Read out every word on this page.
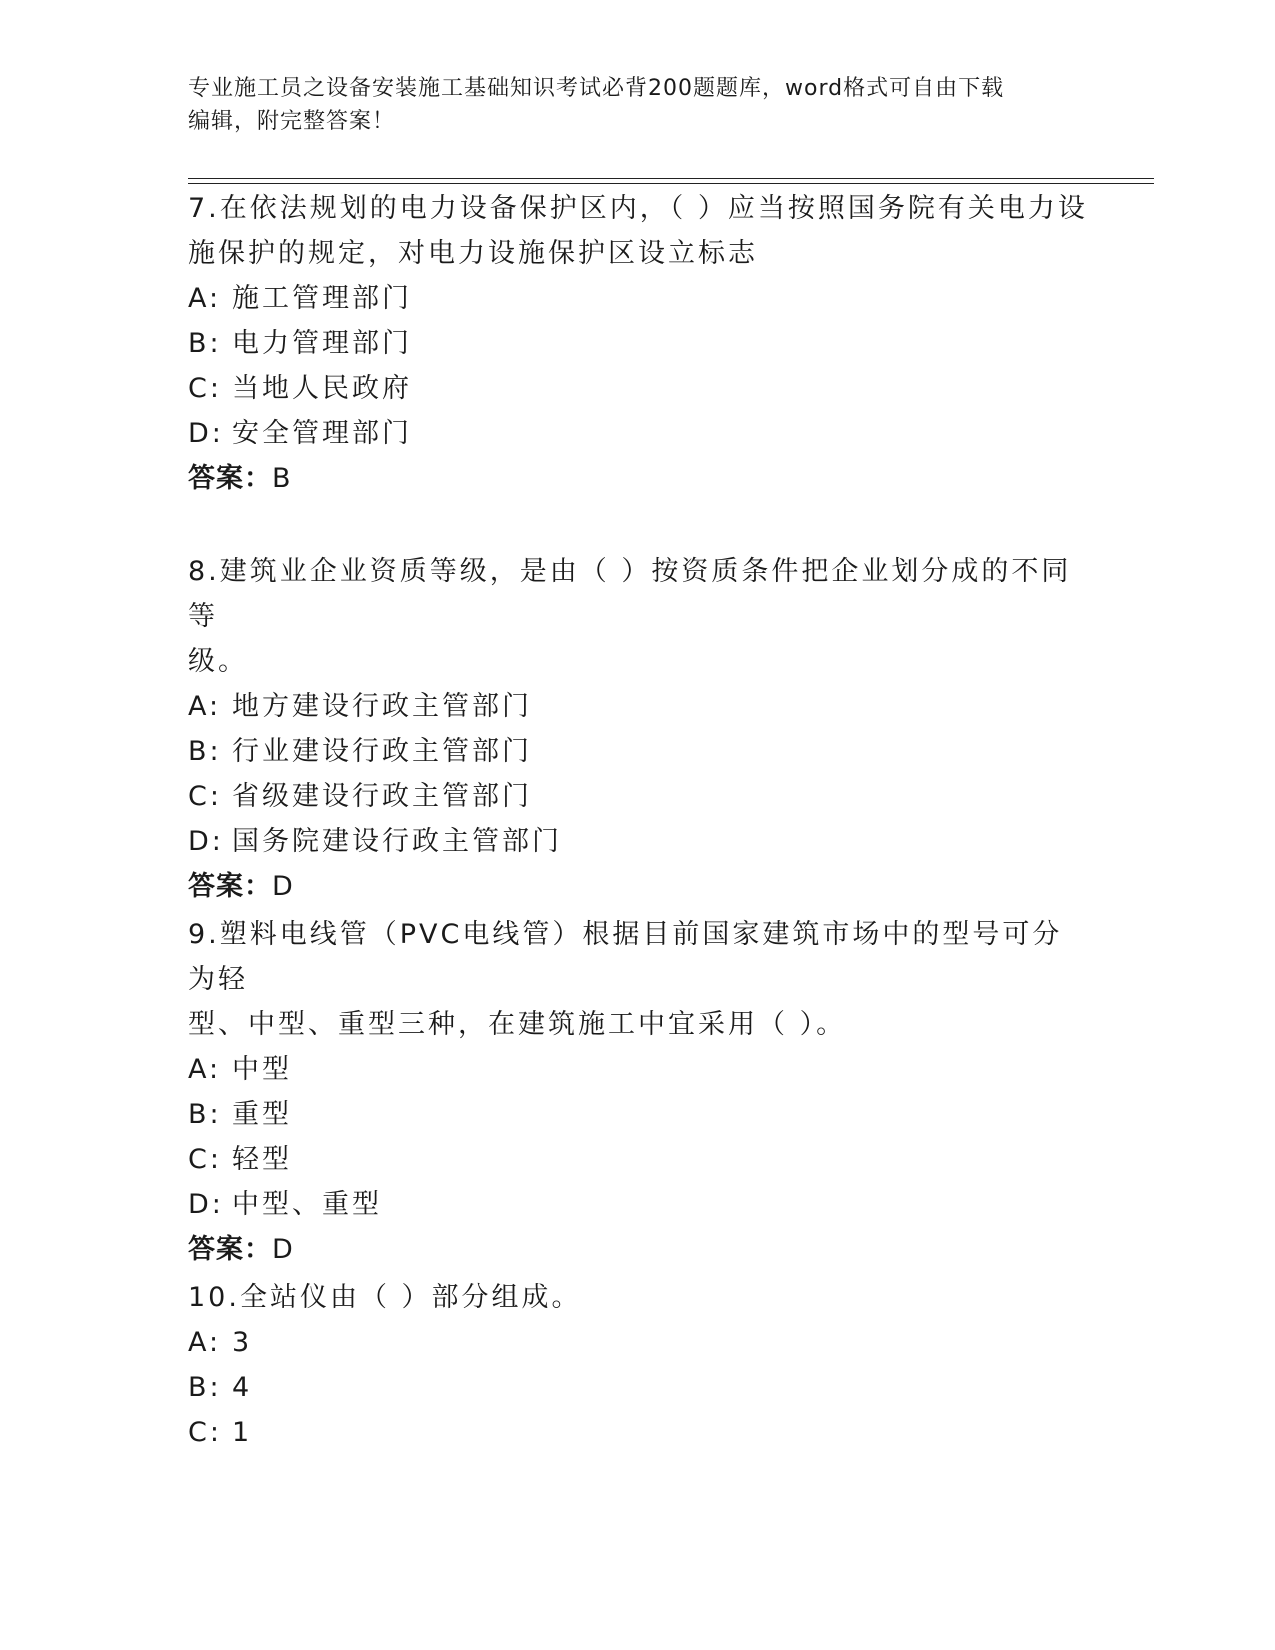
专业施工员之设备安装施工基础知识考试必背200题题库，word格式可自由下载
编辑，附完整答案！
7.在依法规划的电力设备保护区内，（ ）应当按照国务院有关电力设
施保护的规定，对电力设施保护区设立标志
A: 施工管理部门
B: 电力管理部门
C: 当地人民政府
D: 安全管理部门
答案：B
8.建筑业企业资质等级，是由（ ）按资质条件把企业划分成的不同等
级。
A: 地方建设行政主管部门
B: 行业建设行政主管部门
C: 省级建设行政主管部门
D: 国务院建设行政主管部门
答案：D
9.塑料电线管（PVC电线管）根据目前国家建筑市场中的型号可分为轻
型、中型、重型三种，在建筑施工中宜采用（ ）。
A: 中型
B: 重型
C: 轻型
D: 中型、重型
答案：D
10.全站仪由（ ）部分组成。
A: 3
B: 4
C: 1
